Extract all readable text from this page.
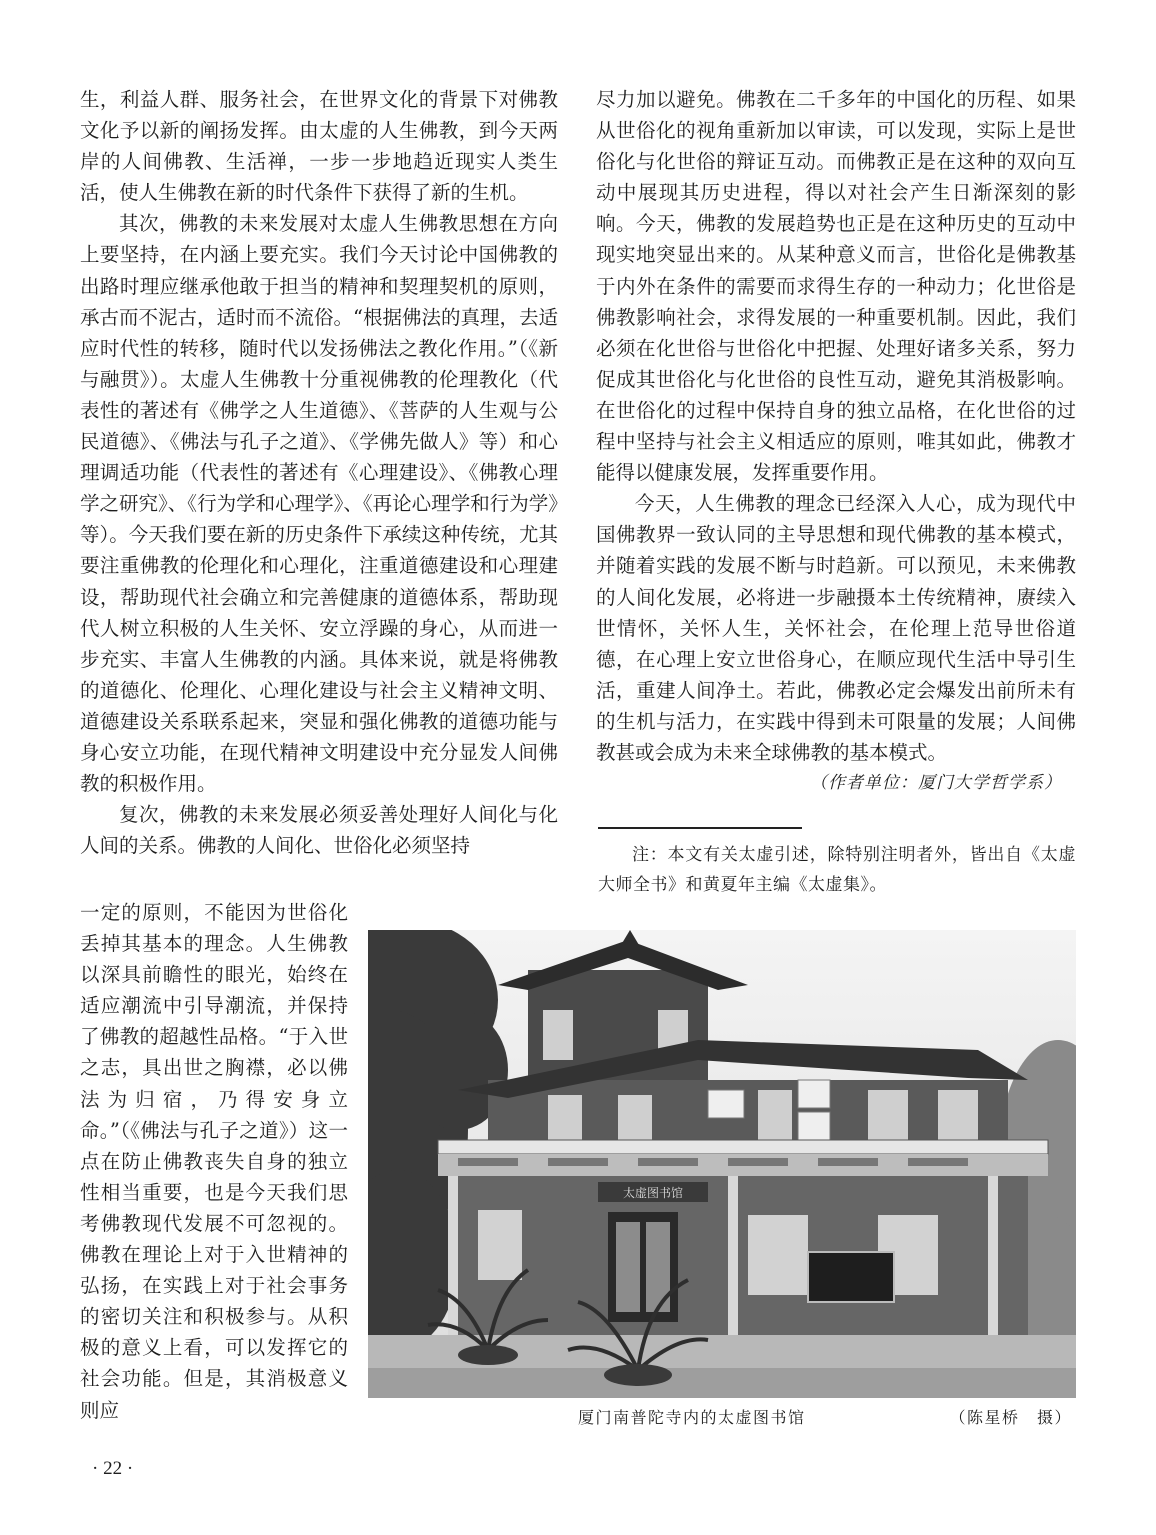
生，利益人群、服务社会，在世界文化的背景下对佛教文化予以新的阐扬发挥。由太虚的人生佛教，到今天两岸的人间佛教、生活禅，一步一步地趋近现实人类生活，使人生佛教在新的时代条件下获得了新的生机。

其次，佛教的未来发展对太虚人生佛教思想在方向上要坚持，在内涵上要充实。我们今天讨论中国佛教的出路时理应继承他敢于担当的精神和契理契机的原则，承古而不泥古，适时而不流俗。“根据佛法的真理，去适应时代性的转移，随时代以发扬佛法之教化作用。”（《新与融贯》）。太虚人生佛教十分重视佛教的伦理教化（代表性的著述有《佛学之人生道德》、《菩萨的人生观与公民道德》、《佛法与孔子之道》、《学佛先做人》等）和心理调适功能（代表性的著述有《心理建设》、《佛教心理学之研究》、《行为学和心理学》、《再论心理学和行为学》等）。今天我们要在新的历史条件下承续这种传统，尤其要注重佛教的伦理化和心理化，注重道德建设和心理建设，帮助现代社会确立和完善健康的道德体系，帮助现代人树立积极的人生关怀、安立浮躁的身心，从而进一步充实、丰富人生佛教的内涵。具体来说，就是将佛教的道德化、伦理化、心理化建设与社会主义精神文明、道德建设关系联系起来，突显和强化佛教的道德功能与身心安立功能，在现代精神文明建设中充分显发人间佛教的积极作用。

复次，佛教的未来发展必须妥善处理好人间化与化人间的关系。佛教的人间化、世俗化必须坚持

一定的原则，不能因为世俗化丢掉其基本的理念。人生佛教以深具前瞻性的眼光，始终在适应潮流中引导潮流，并保持了佛教的超越性品格。“于入世之志，具出世之胸襟，必以佛法为归宿，乃得安身立命。”（《佛法与孔子之道》）这一点在防止佛教丧失自身的独立性相当重要，也是今天我们思考佛教现代发展不可忽视的。佛教在理论上对于入世精神的弘扬，在实践上对于社会事务的密切关注和积极参与。从积极的意义上看，可以发挥它的社会功能。但是，其消极意义则应

尽力加以避免。佛教在二千多年的中国化的历程、如果从世俗化的视角重新加以审读，可以发现，实际上是世俗化与化世俗的辩证互动。而佛教正是在这种的双向互动中展现其历史进程，得以对社会产生日渐深刻的影响。今天，佛教的发展趋势也正是在这种历史的互动中现实地突显出来的。从某种意义而言，世俗化是佛教基于内外在条件的需要而求得生存的一种动力；化世俗是佛教影响社会，求得发展的一种重要机制。因此，我们必须在化世俗与世俗化中把握、处理好诸多关系，努力促成其世俗化与化世俗的良性互动，避免其消极影响。在世俗化的过程中保持自身的独立品格，在化世俗的过程中坚持与社会主义相适应的原则，唯其如此，佛教才能得以健康发展，发挥重要作用。

今天，人生佛教的理念已经深入人心，成为现代中国佛教界一致认同的主导思想和现代佛教的基本模式，并随着实践的发展不断与时趋新。可以预见，未来佛教的人间化发展，必将进一步融摄本土传统精神，赓续入世情怀，关怀人生，关怀社会，在伦理上范导世俗道德，在心理上安立世俗身心，在顺应现代生活中导引生活，重建人间净土。若此，佛教必定会爆发出前所未有的生机与活力，在实践中得到未可限量的发展；人间佛教甚或会成为未来全球佛教的基本模式。

（作者单位：厦门大学哲学系）

注：本文有关太虚引述，除特别注明者外，皆出自《太虚大师全书》和黄夏年主编《太虚集》。
太虚图书馆
厦门南普陀寺内的太虚图书馆	（陈星桥　摄）
· 22 ·
